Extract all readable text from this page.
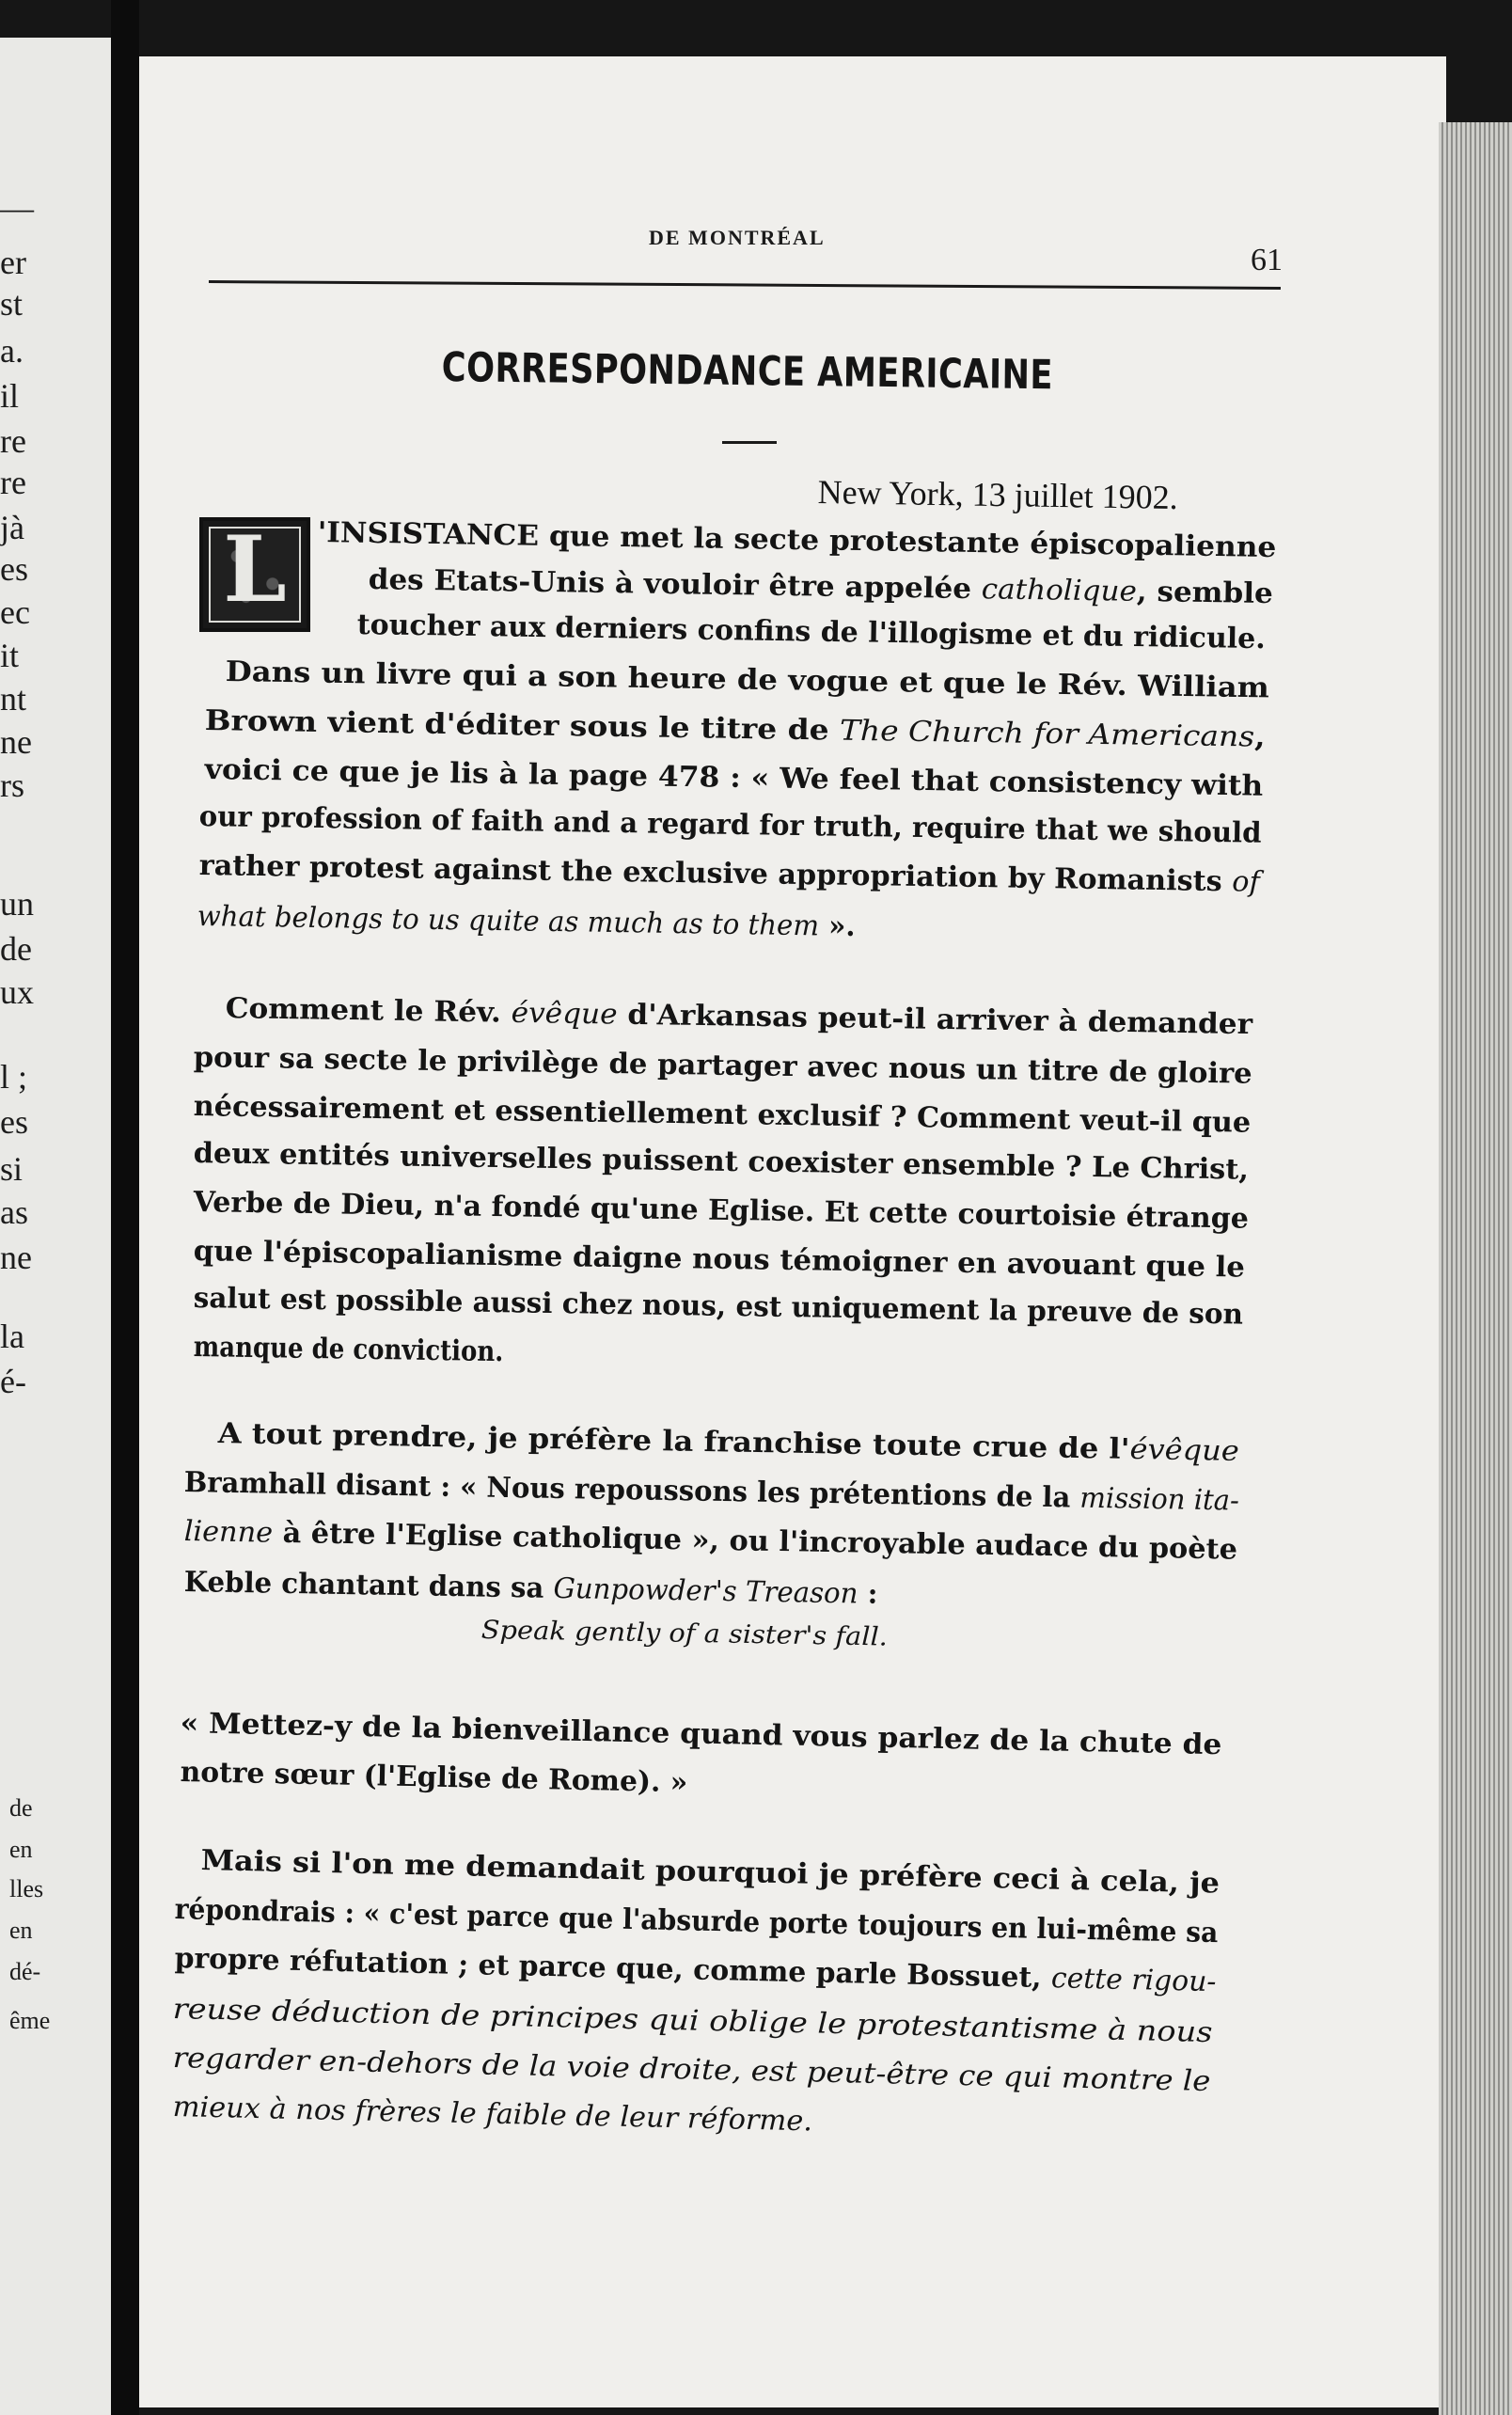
—
er
st
a.
il
re
re
jà
es
ec
it
nt
ne
rs
un
de
ux
l ;
es
si
as
ne
la
é-
de
en
lles
en
dé-
ême
DE MONTRÉAL
61
CORRESPONDANCE AMERICAINE
New York, 13 juillet 1902.
L	'INSISTANCE que met la secte protestante épiscopalienne
des Etats-Unis à vouloir être appelée catholique, semble
toucher aux derniers confins de l'illogisme et du ridicule.
Dans un livre qui a son heure de vogue et que le Rév. William
Brown vient d'éditer sous le titre de The Church for Americans,
voici ce que je lis à la page 478 : « We feel that consistency with
our profession of faith and a regard for truth, require that we should
rather protest against the exclusive appropriation by Romanists of
what belongs to us quite as much as to them ».
Comment le Rév. évêque d'Arkansas peut-il arriver à demander
pour sa secte le privilège de partager avec nous un titre de gloire
nécessairement et essentiellement exclusif ? Comment veut-il que
deux entités universelles puissent coexister ensemble ? Le Christ,
Verbe de Dieu, n'a fondé qu'une Eglise. Et cette courtoisie étrange
que l'épiscopalianisme daigne nous témoigner en avouant que le
salut est possible aussi chez nous, est uniquement la preuve de son
manque de conviction.
A tout prendre, je préfère la franchise toute crue de l'évêque
Bramhall disant : « Nous repoussons les prétentions de la mission ita-
lienne à être l'Eglise catholique », ou l'incroyable audace du poète
Keble chantant dans sa Gunpowder's Treason :
Speak gently of a sister's fall.
« Mettez-y de la bienveillance quand vous parlez de la chute de
notre sœur (l'Eglise de Rome). »
Mais si l'on me demandait pourquoi je préfère ceci à cela, je
répondrais : « c'est parce que l'absurde porte toujours en lui-même sa
propre réfutation ; et parce que, comme parle Bossuet, cette rigou-
reuse déduction de principes qui oblige le protestantisme à nous
regarder en-dehors de la voie droite, est peut-être ce qui montre le
mieux à nos frères le faible de leur réforme.
